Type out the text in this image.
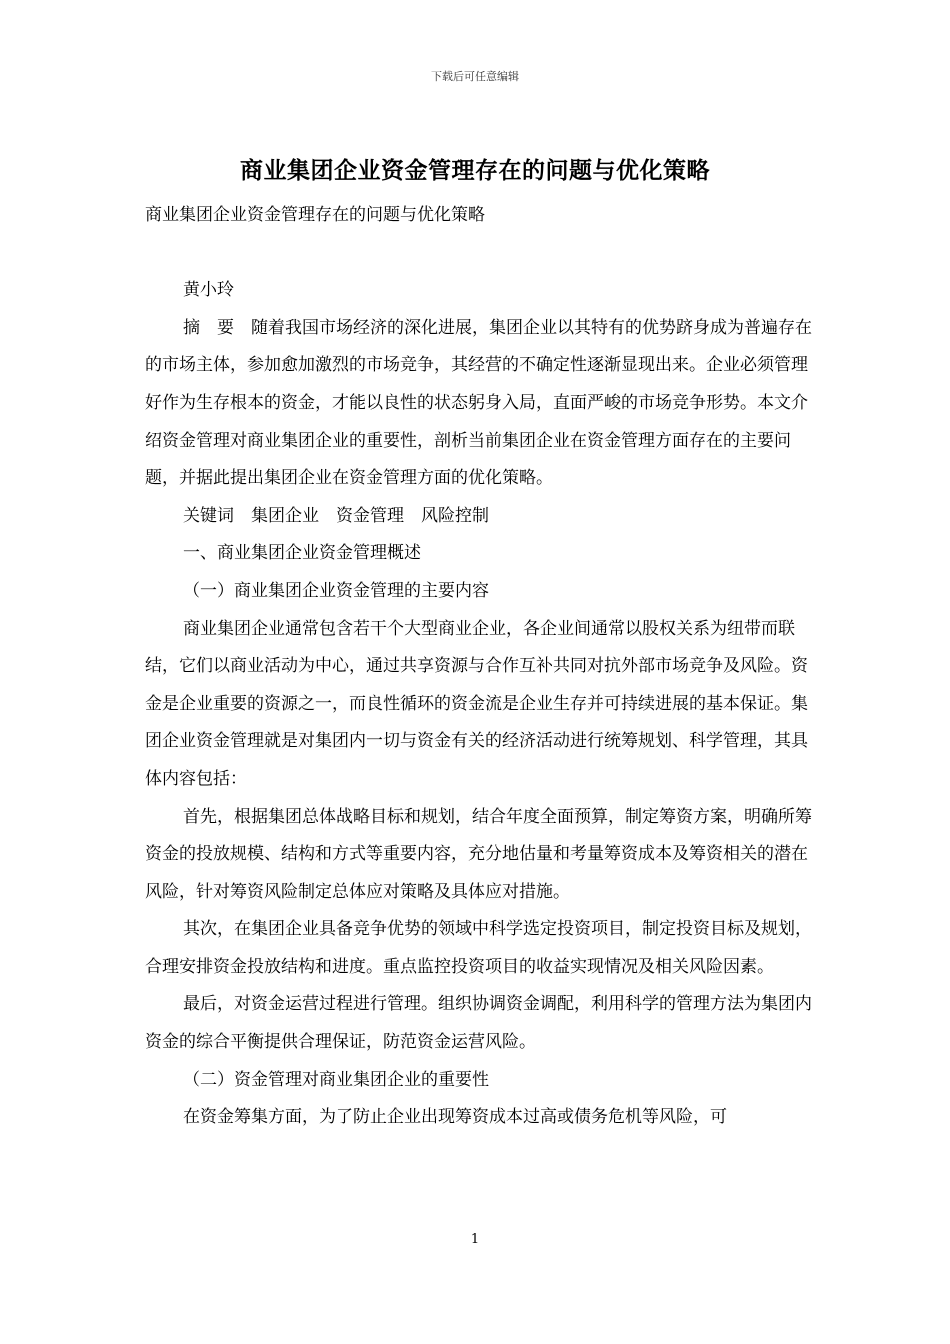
下载后可任意编辑
商业集团企业资金管理存在的问题与优化策略

商业集团企业资金管理存在的问题与优化策略

黄小玲

摘　要　随着我国市场经济的深化进展，集团企业以其特有的优势跻身成为普遍存在的市场主体，参加愈加激烈的市场竞争，其经营的不确定性逐渐显现出来。企业必须管理好作为生存根本的资金，才能以良性的状态躬身入局，直面严峻的市场竞争形势。本文介绍资金管理对商业集团企业的重要性，剖析当前集团企业在资金管理方面存在的主要问题，并据此提出集团企业在资金管理方面的优化策略。

关键词　集团企业　资金管理　风险控制

一、商业集团企业资金管理概述

（一）商业集团企业资金管理的主要内容

商业集团企业通常包含若干个大型商业企业，各企业间通常以股权关系为纽带而联结，它们以商业活动为中心，通过共享资源与合作互补共同对抗外部市场竞争及风险。资金是企业重要的资源之一，而良性循环的资金流是企业生存并可持续进展的基本保证。集团企业资金管理就是对集团内一切与资金有关的经济活动进行统筹规划、科学管理，其具体内容包括：

首先，根据集团总体战略目标和规划，结合年度全面预算，制定筹资方案，明确所筹资金的投放规模、结构和方式等重要内容，充分地估量和考量筹资成本及筹资相关的潜在风险，针对筹资风险制定总体应对策略及具体应对措施。

其次，在集团企业具备竞争优势的领域中科学选定投资项目，制定投资目标及规划，合理安排资金投放结构和进度。重点监控投资项目的收益实现情况及相关风险因素。

最后，对资金运营过程进行管理。组织协调资金调配，利用科学的管理方法为集团内资金的综合平衡提供合理保证，防范资金运营风险。

（二）资金管理对商业集团企业的重要性

在资金筹集方面，为了防止企业出现筹资成本过高或债务危机等风险，可

1
